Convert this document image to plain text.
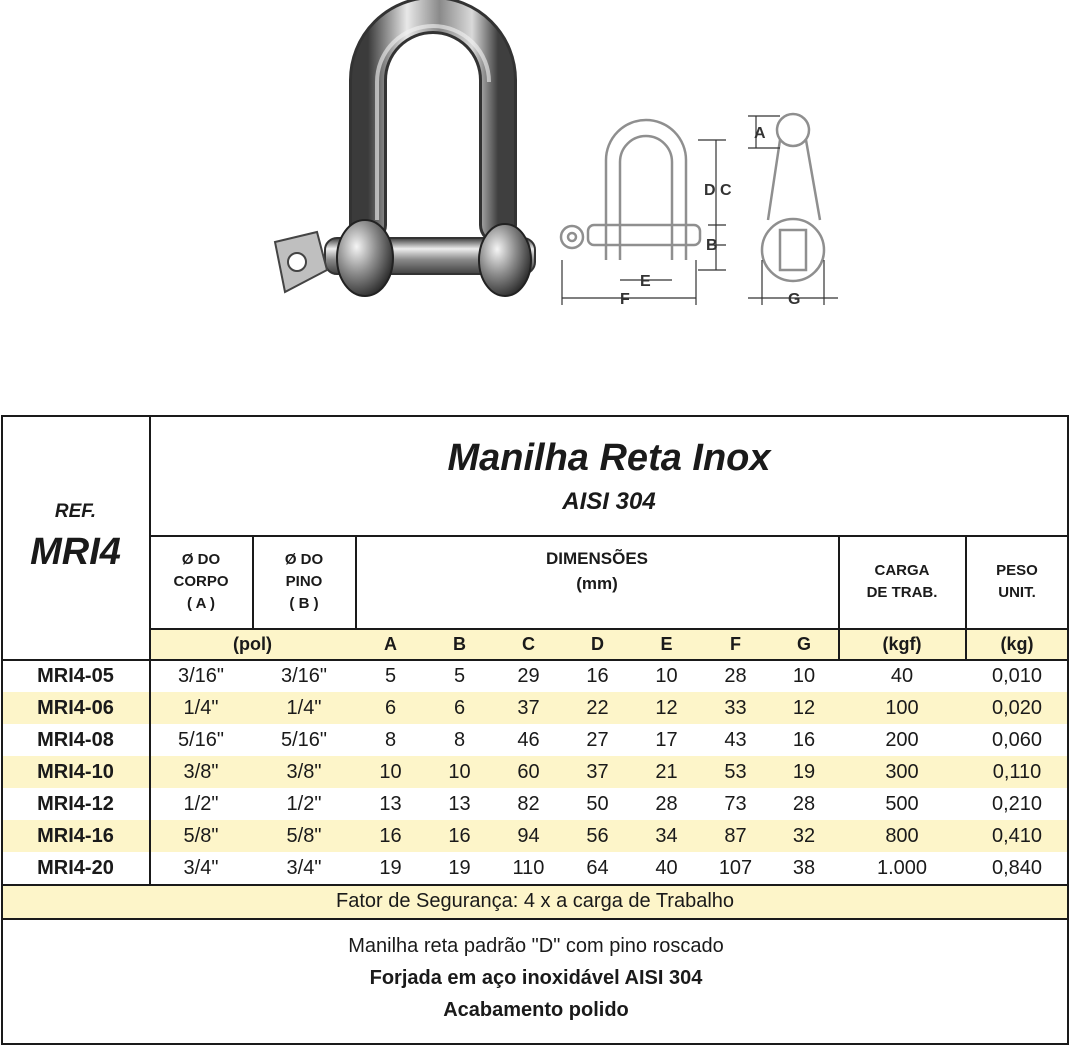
A
D C
B
E
F	G
REF.
MRI4
Manilha Reta Inox
AISI 304
Ø DO
CORPO
( A )
Ø DO
PINO
( B )
DIMENSÕES
(mm)
CARGA
DE TRAB.
PESO
UNIT.
(pol)	A	B	C	D	E	F	G	(kgf)	(kg)
MRI4-05	3/16"	3/16"	5	5	29	16	10	28	10	40	0,010
MRI4-06	1/4"	1/4"	6	6	37	22	12	33	12	100	0,020
MRI4-08	5/16"	5/16"	8	8	46	27	17	43	16	200	0,060
MRI4-10	3/8"	3/8"	10	10	60	37	21	53	19	300	0,110
MRI4-12	1/2"	1/2"	13	13	82	50	28	73	28	500	0,210
MRI4-16	5/8"	5/8"	16	16	94	56	34	87	32	800	0,410
MRI4-20	3/4"	3/4"	19	19	110	64	40	107	38	1.000	0,840
Fator de Segurança: 4 x a carga de Trabalho
Manilha reta padrão "D" com pino roscado
Forjada em aço inoxidável AISI 304
Acabamento polido
